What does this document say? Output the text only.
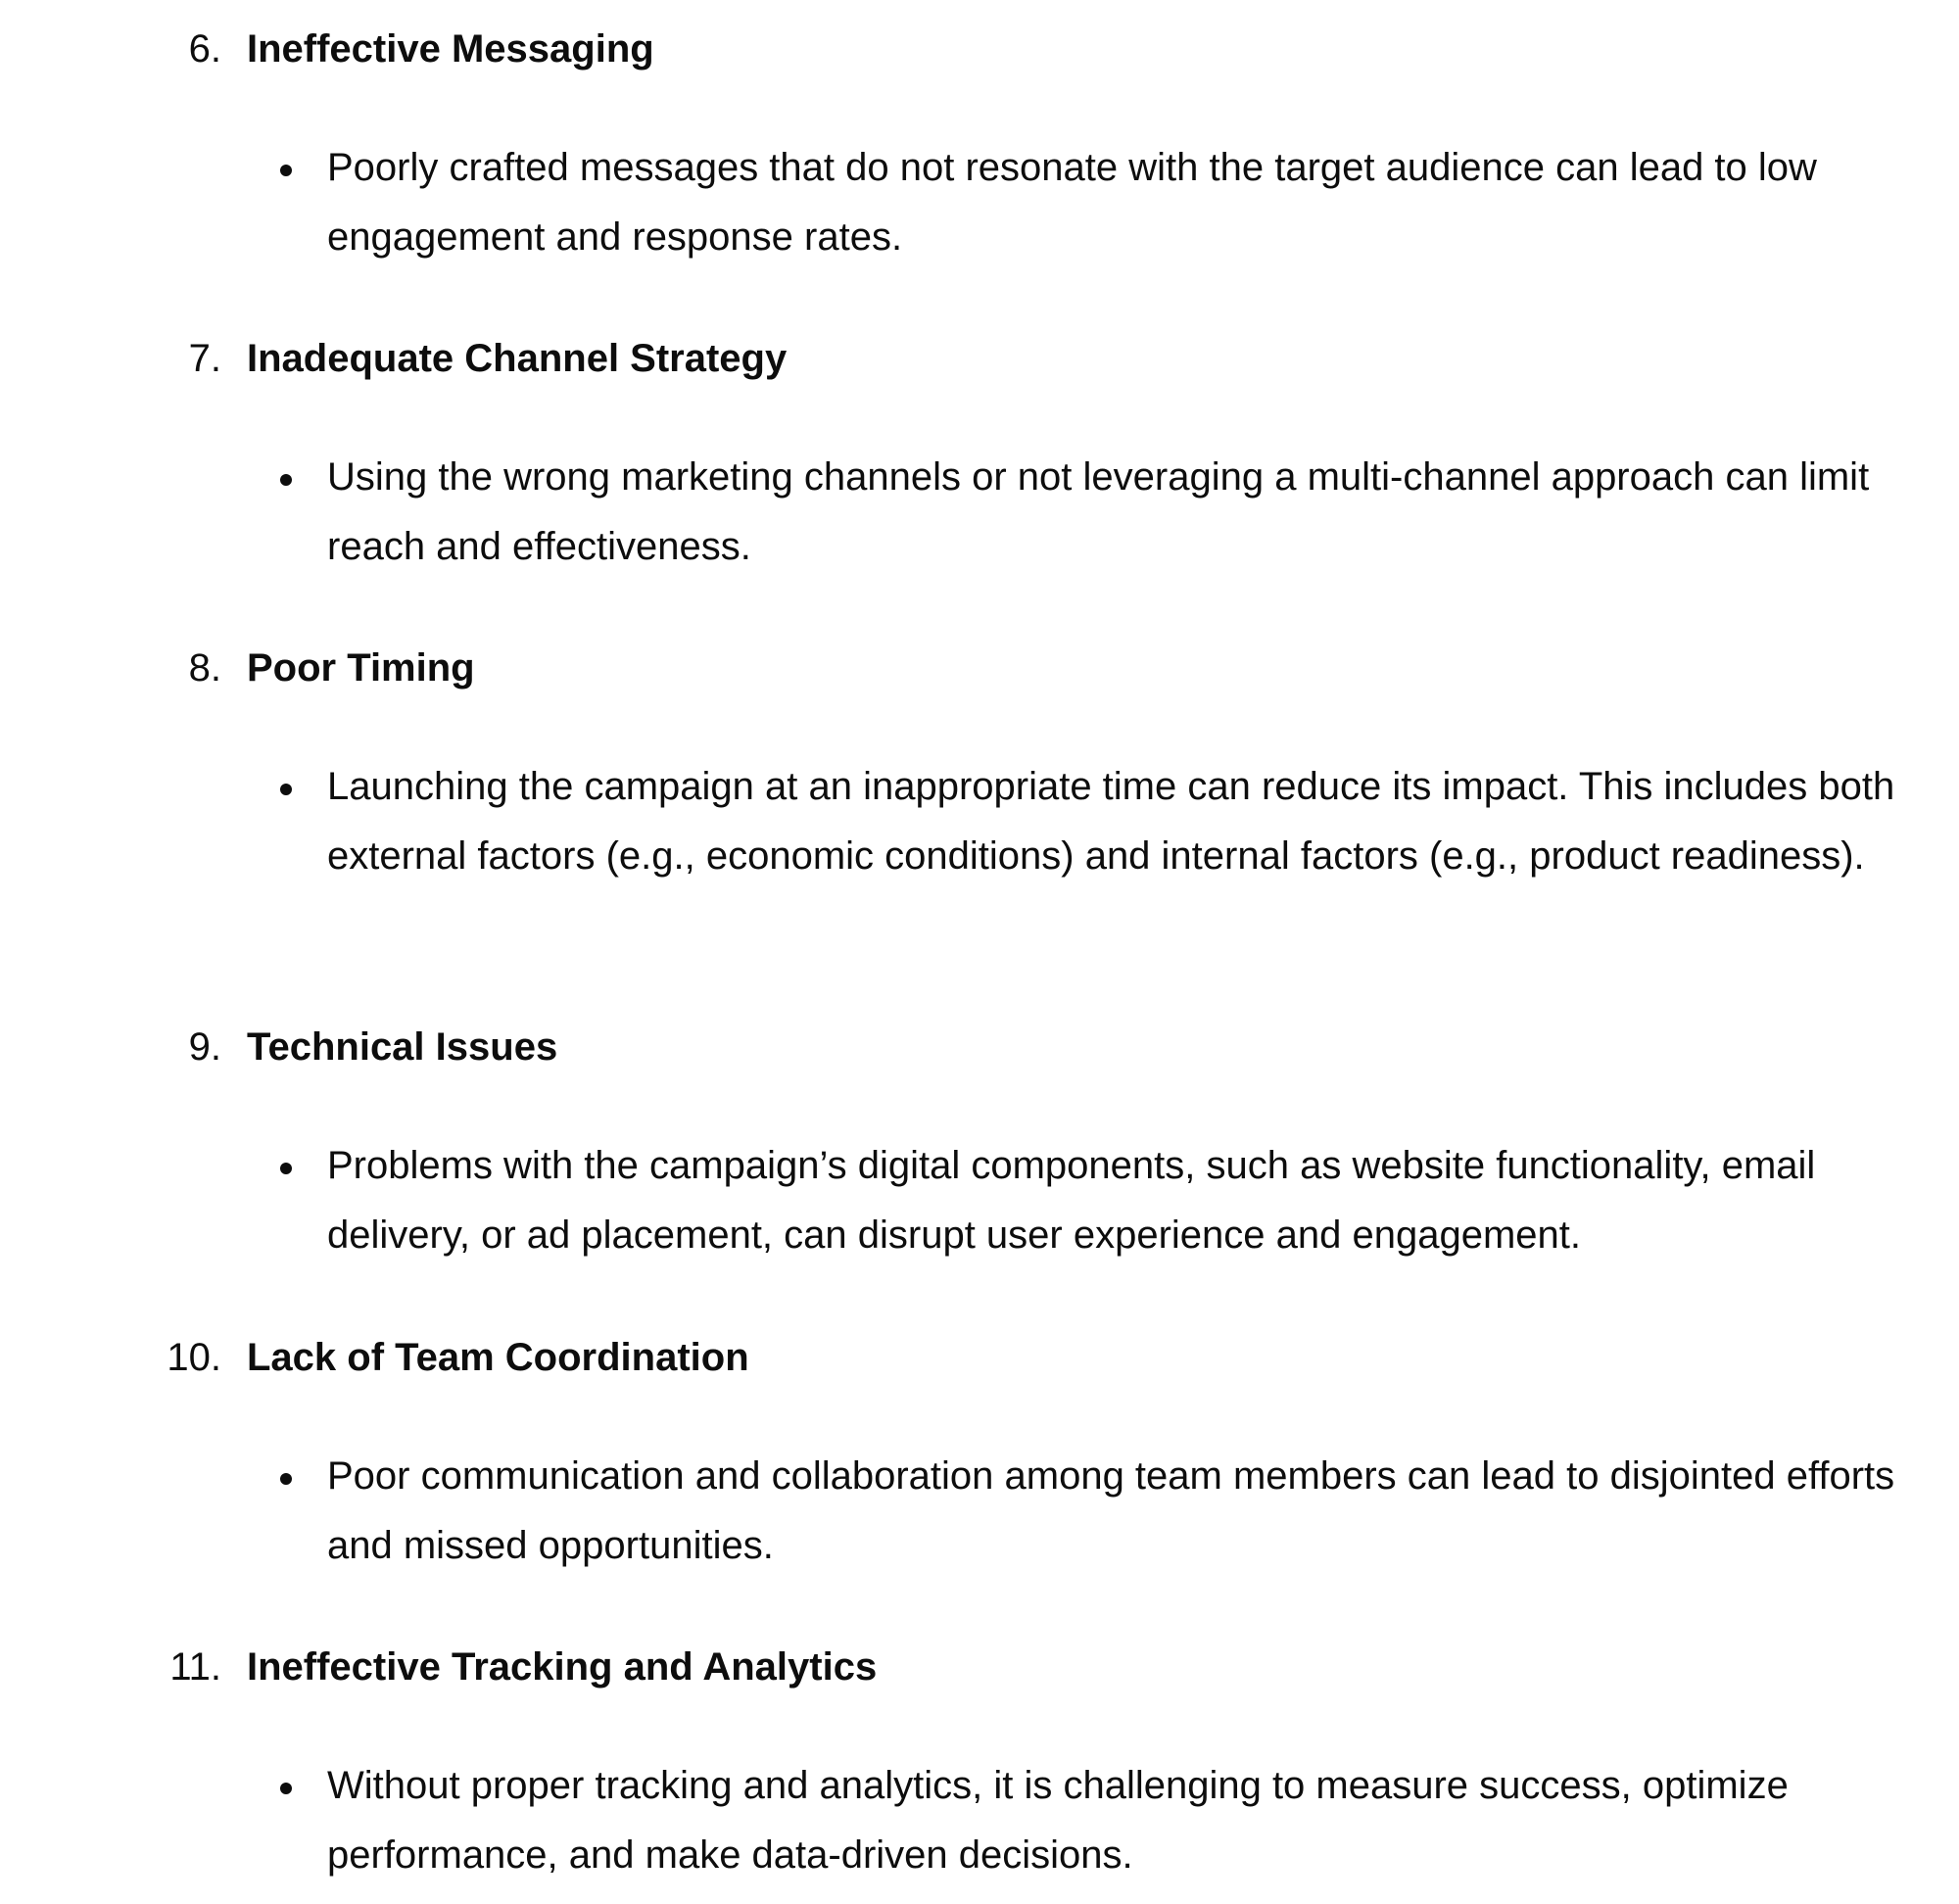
6. Ineffective Messaging
Poorly crafted messages that do not resonate with the target audience can lead to low engagement and response rates.
7. Inadequate Channel Strategy
Using the wrong marketing channels or not leveraging a multi-channel approach can limit reach and effectiveness.
8. Poor Timing
Launching the campaign at an inappropriate time can reduce its impact. This includes both external factors (e.g., economic conditions) and internal factors (e.g., product readiness).
9. Technical Issues
Problems with the campaign’s digital components, such as website functionality, email delivery, or ad placement, can disrupt user experience and engagement.
10. Lack of Team Coordination
Poor communication and collaboration among team members can lead to disjointed efforts and missed opportunities.
11. Ineffective Tracking and Analytics
Without proper tracking and analytics, it is challenging to measure success, optimize performance, and make data-driven decisions.
